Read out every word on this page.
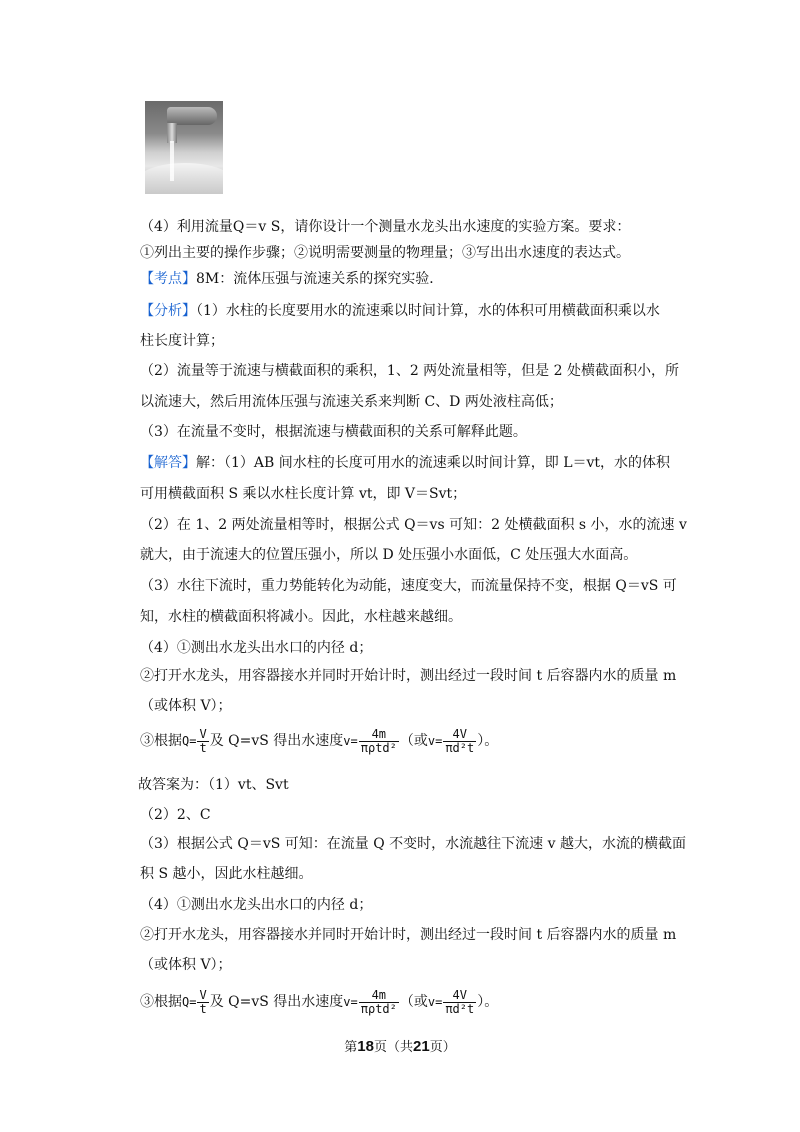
（4）利用流量Q＝v S，请你设计一个测量水龙头出水速度的实验方案。要求：
①列出主要的操作步骤；②说明需要测量的物理量；③写出出水速度的表达式。
【考点】8M：流体压强与流速关系的探究实验．
【分析】（1）水柱的长度要用水的流速乘以时间计算，水的体积可用横截面积乘以水
柱长度计算；
（2）流量等于流速与横截面积的乘积，1、2 两处流量相等，但是 2 处横截面积小，所
以流速大，然后用流体压强与流速关系来判断 C、D 两处液柱高低；
（3）在流量不变时，根据流速与横截面积的关系可解释此题。
【解答】解：（1）AB 间水柱的长度可用水的流速乘以时间计算，即 L＝vt，水的体积
可用横截面积 S 乘以水柱长度计算 vt，即 V＝Svt；
（2）在 1、2 两处流量相等时，根据公式 Q＝vs 可知：2 处横截面积 s 小，水的流速 v
就大，由于流速大的位置压强小，所以 D 处压强小水面低，C 处压强大水面高。
（3）水往下流时，重力势能转化为动能，速度变大，而流量保持不变，根据 Q＝vS 可
知，水柱的横截面积将减小。因此，水柱越来越细。
（4）①测出水龙头出水口的内径 d；
②打开水龙头，用容器接水并同时开始计时，测出经过一段时间 t 后容器内水的质量 m
（或体积 V）；
③根据$Q= \frac{V}{t}$ 及 Q=vS 得出水速度$v= \frac{4m}{\text{πρtd²}}$ （或$v= \frac{4V}{\text{πd²t}}$ ）。
故答案为：（1）vt、Svt
（2）2、C
（3）根据公式 Q＝vS 可知：在流量 Q 不变时，水流越往下流速 v 越大，水流的横截面
积 S 越小，因此水柱越细。
（4）①测出水龙头出水口的内径 d；
②打开水龙头，用容器接水并同时开始计时，测出经过一段时间 t 后容器内水的质量 m
（或体积 V）；
③根据$Q= \frac{V}{t}$ 及 Q=vS 得出水速度$v= \frac{4m}{\text{πρtd²}}$ （或$v= \frac{4V}{\text{πd²t}}$ ）。
第18页（共21页）
